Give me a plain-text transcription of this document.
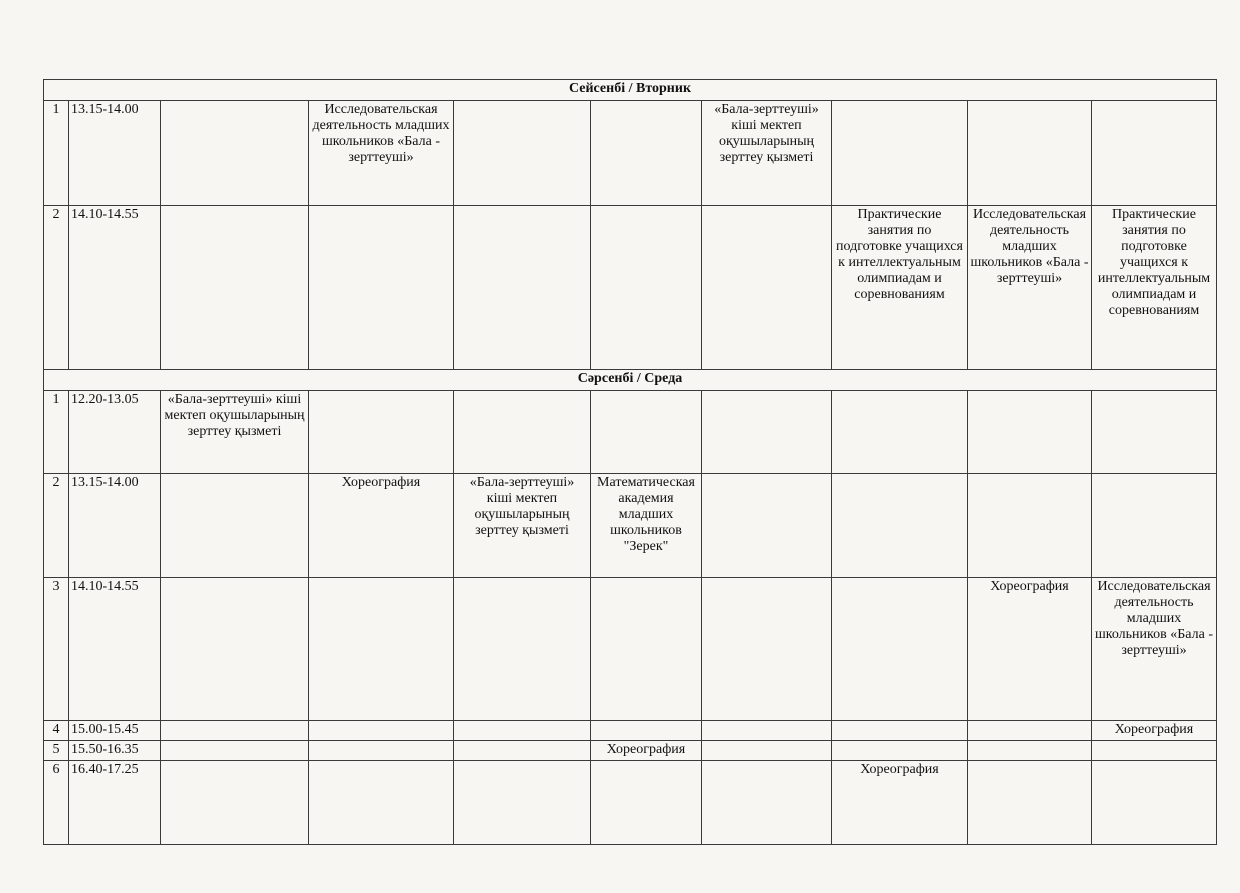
Сейсенбі / Вторник									
1	13.15-14.00		Исследовательская деятельность младших школьников «Бала - зерттеуші»			«Бала-зерттеуші» кіші мектеп оқушыларының зерттеу қызметі			
2	14.10-14.55						Практические занятия по подготовке учащихся к интеллектуальным олимпиадам и соревнованиям	Исследовательская деятельность младших школьников «Бала - зерттеуші»	Практические занятия по подготовке учащихся к интеллектуальным олимпиадам и соревнованиям
Сәрсенбі / Среда									
1	12.20-13.05	«Бала-зерттеуші» кіші мектеп оқушыларының зерттеу қызметі							
2	13.15-14.00		Хореография	«Бала-зерттеуші» кіші мектеп оқушыларының зерттеу қызметі	Математическая академия младших школьников "Зерек"				
3	14.10-14.55							Хореография	Исследовательская деятельность младших школьников «Бала - зерттеуші»
4	15.00-15.45								Хореография
5	15.50-16.35				Хореография				
6	16.40-17.25						Хореография		
